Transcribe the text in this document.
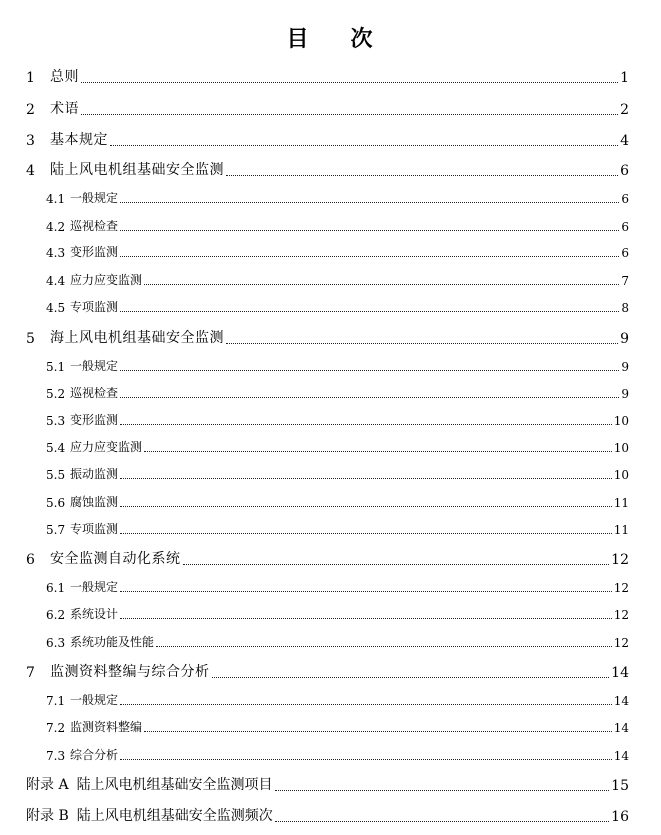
目 次
1	总则	1
2	术语	2
3	基本规定	4
4	陆上风电机组基础安全监测	6
4.1 一般规定	6
4.2 巡视检查	6
4.3 变形监测	6
4.4 应力应变监测	7
4.5 专项监测	8
5	海上风电机组基础安全监测	9
5.1 一般规定	9
5.2 巡视检查	9
5.3 变形监测	10
5.4 应力应变监测	10
5.5 振动监测	10
5.6 腐蚀监测	11
5.7 专项监测	11
6	安全监测自动化系统	12
6.1 一般规定	12
6.2 系统设计	12
6.3 系统功能及性能	12
7	监测资料整编与综合分析	14
7.1 一般规定	14
7.2 监测资料整编	14
7.3 综合分析	14
附录 A 陆上风电机组基础安全监测项目	15
附录 B 陆上风电机组基础安全监测频次	16
